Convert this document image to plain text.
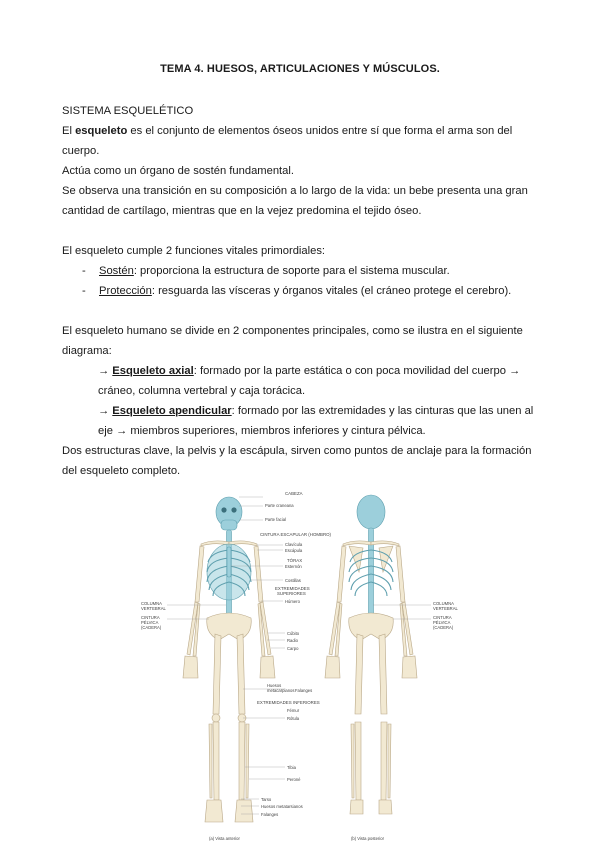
TEMA 4. HUESOS, ARTICULACIONES Y MÚSCULOS.

SISTEMA ESQUELÉTICO

El esqueleto es el conjunto de elementos óseos unidos entre sí que forma el arma son del cuerpo.

Actúa como un órgano de sostén fundamental.

Se observa una transición en su composición a lo largo de la vida: un bebe presenta una gran cantidad de cartílago, mientras que en la vejez predomina el tejido óseo.

El esqueleto cumple 2 funciones vitales primordiales:

- Sostén: proporciona la estructura de soporte para el sistema muscular.
- Protección: resguarda las vísceras y órganos vitales (el cráneo protege el cerebro).

El esqueleto humano se divide en 2 componentes principales, como se ilustra en el siguiente diagrama:

→ Esqueleto axial: formado por la parte estática o con poca movilidad del cuerpo → cráneo, columna vertebral y caja torácica.

→ Esqueleto apendicular: formado por las extremidades y las cinturas que las unen al eje → miembros superiores, miembros inferiores y cintura pélvica.

Dos estructuras clave, la pelvis y la escápula, sirven como puntos de anclaje para la formación del esqueleto completo.

CABEZA
Parte craneana
Parte facial
CINTURA ESCAPULAR (HOMBRO)
Clavícula
Escápula
TÓRAX
Esternón
Costillas
EXTREMIDADES
SUPERIORES
Húmero
Cúbito
Radio
Carpo
Huesos
metacarpianos Falanges
EXTREMIDADES INFERIORES
Fémur
Rótula
Tibia
Peroné
Tarso
Huesos metatarsianos
Falanges
COLUMNA
VERTEBRAL
CINTURA
PÉLVICA
(CADERA)
COLUMNA
VERTEBRAL
CINTURA
PÉLVICA
(CADERA)
(a) Vista anterior	(b) Vista posterior
